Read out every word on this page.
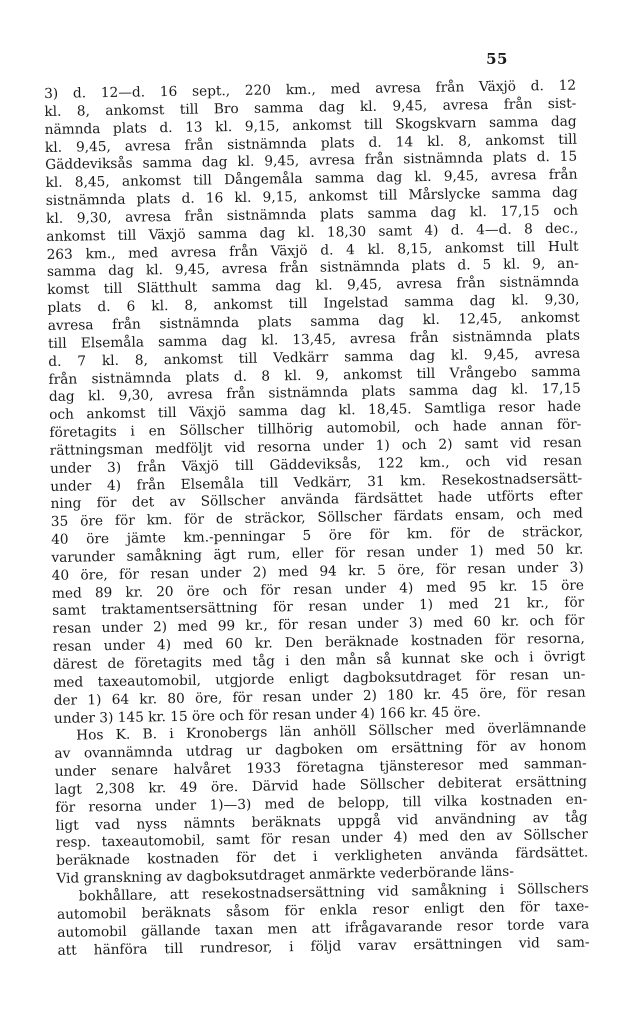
55
3) d. 12—d. 16 sept., 220 km., med avresa från Växjö d. 12
kl. 8, ankomst till Bro samma dag kl. 9,45, avresa från sist-
nämnda plats d. 13 kl. 9,15, ankomst till Skogskvarn samma dag
kl. 9,45, avresa från sistnämnda plats d. 14 kl. 8, ankomst till
Gäddeviksås samma dag kl. 9,45, avresa från sistnämnda plats d. 15
kl. 8,45, ankomst till Dångemåla samma dag kl. 9,45, avresa från
sistnämnda plats d. 16 kl. 9,15, ankomst till Mårslycke samma dag
kl. 9,30, avresa från sistnämnda plats samma dag kl. 17,15 och
ankomst till Växjö samma dag kl. 18,30 samt 4) d. 4—d. 8 dec.,
263 km., med avresa från Växjö d. 4 kl. 8,15, ankomst till Hult
samma dag kl. 9,45, avresa från sistnämnda plats d. 5 kl. 9, an-
komst till Slätthult samma dag kl. 9,45, avresa från sistnämnda
plats d. 6 kl. 8, ankomst till Ingelstad samma dag kl. 9,30,
avresa från sistnämnda plats samma dag kl. 12,45, ankomst
till Elsemåla samma dag kl. 13,45, avresa från sistnämnda plats
d. 7 kl. 8, ankomst till Vedkärr samma dag kl. 9,45, avresa
från sistnämnda plats d. 8 kl. 9, ankomst till Vrångebo samma
dag kl. 9,30, avresa från sistnämnda plats samma dag kl. 17,15
och ankomst till Växjö samma dag kl. 18,45. Samtliga resor hade
företagits i en Söllscher tillhörig automobil, och hade annan för-
rättningsman medföljt vid resorna under 1) och 2) samt vid resan
under 3) från Växjö till Gäddeviksås, 122 km., och vid resan
under 4) från Elsemåla till Vedkärr, 31 km. Resekostnadsersätt-
ning för det av Söllscher använda färdsättet hade utförts efter
35 öre för km. för de sträckor, Söllscher färdats ensam, och med
40 öre jämte km.-penningar 5 öre för km. för de sträckor,
varunder samåkning ägt rum, eller för resan under 1) med 50 kr.
40 öre, för resan under 2) med 94 kr. 5 öre, för resan under 3)
med 89 kr. 20 öre och för resan under 4) med 95 kr. 15 öre
samt traktamentsersättning för resan under 1) med 21 kr., för
resan under 2) med 99 kr., för resan under 3) med 60 kr. och för
resan under 4) med 60 kr. Den beräknade kostnaden för resorna,
därest de företagits med tåg i den mån så kunnat ske och i övrigt
med taxeautomobil, utgjorde enligt dagboksutdraget för resan un-
der 1) 64 kr. 80 öre, för resan under 2) 180 kr. 45 öre, för resan
under 3) 145 kr. 15 öre och för resan under 4) 166 kr. 45 öre.
Hos K. B. i Kronobergs län anhöll Söllscher med överlämnande
av ovannämnda utdrag ur dagboken om ersättning för av honom
under senare halvåret 1933 företagna tjänsteresor med samman-
lagt 2,308 kr. 49 öre. Därvid hade Söllscher debiterat ersättning
för resorna under 1)—3) med de belopp, till vilka kostnaden en-
ligt vad nyss nämnts beräknats uppgå vid användning av tåg
resp. taxeautomobil, samt för resan under 4) med den av Söllscher
beräknade kostnaden för det i verkligheten använda färdsättet.
Vid granskning av dagboksutdraget anmärkte vederbörande läns-
bokhållare, att resekostnadsersättning vid samåkning i Söllschers
automobil beräknats såsom för enkla resor enligt den för taxe-
automobil gällande taxan men att ifrågavarande resor torde vara
att hänföra till rundresor, i följd varav ersättningen vid sam-
